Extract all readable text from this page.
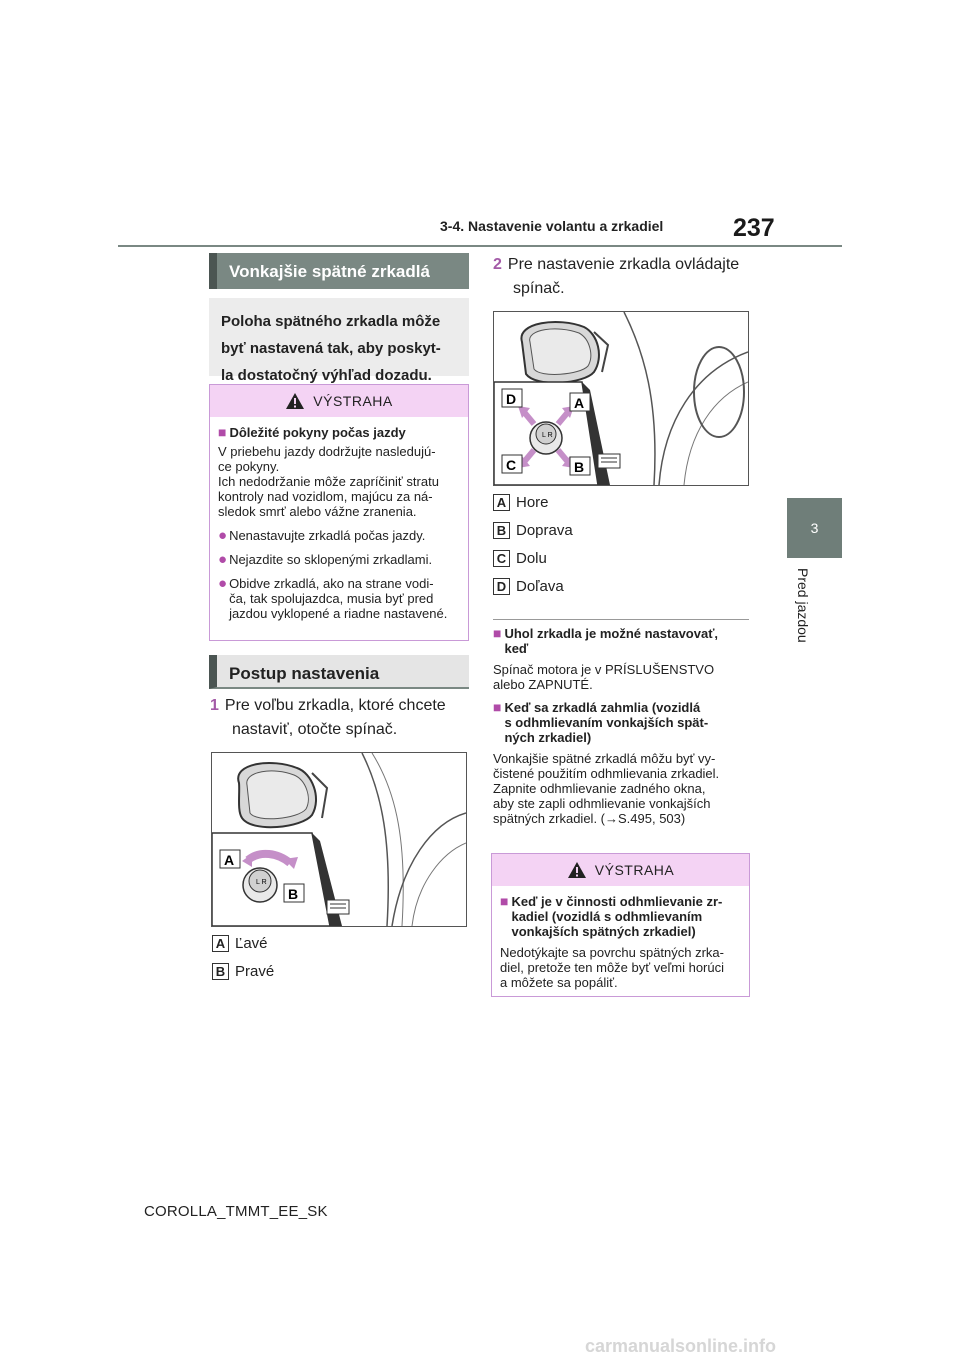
3-4. Nastavenie volantu a zrkadiel	237
3
Pred jazdou
Vonkajšie spätné zrkadlá
Poloha spätného zrkadla môže
byť nastavená tak, aby poskyt-
la dostatočný výhľad dozadu.
VÝSTRAHA
■ Dôležité pokyny počas jazdy
V priebehu jazdy dodržujte nasledujú-
ce pokyny.
Ich nedodržanie môže zapríčiniť stratu
kontroly nad vozidlom, majúcu za ná-
sledok smrť alebo vážne zranenia.
● Nenastavujte zrkadlá počas jazdy.
● Nejazdite so sklopenými zrkadlami.
● Obidve zrkadlá, ako na strane vodi-
ča, tak spolujazdca, musia byť pred
jazdou vyklopené a riadne nastavené.
Postup nastavenia
1 Pre voľbu zrkadla, ktoré chcete
nastaviť, otočte spínač.
L R
A
B
A Ľavé
B Pravé
2 Pre nastavenie zrkadla ovládajte
spínač.
L R
D	A
C	B
A Hore
B Doprava
C Dolu
D Doľava
■ Uhol zrkadla je možné nastavovať,
keď
Spínač motora je v PRÍSLUŠENSTVO
alebo ZAPNUTÉ.
■ Keď sa zrkadlá zahmlia (vozidlá
s odhmlievaním vonkajších spät-
ných zrkadiel)
Vonkajšie spätné zrkadlá môžu byť vy-
čistené použitím odhmlievania zrkadiel.
Zapnite odhmlievanie zadného okna,
aby ste zapli odhmlievanie vonkajších
spätných zrkadiel. (→S.495, 503)
VÝSTRAHA
■ Keď je v činnosti odhmlievanie zr-
kadiel (vozidlá s odhmlievaním
vonkajších spätných zrkadiel)
Nedotýkajte sa povrchu spätných zrka-
diel, pretože ten môže byť veľmi horúci
a môžete sa popáliť.
COROLLA_TMMT_EE_SK
carmanualsonline.info
